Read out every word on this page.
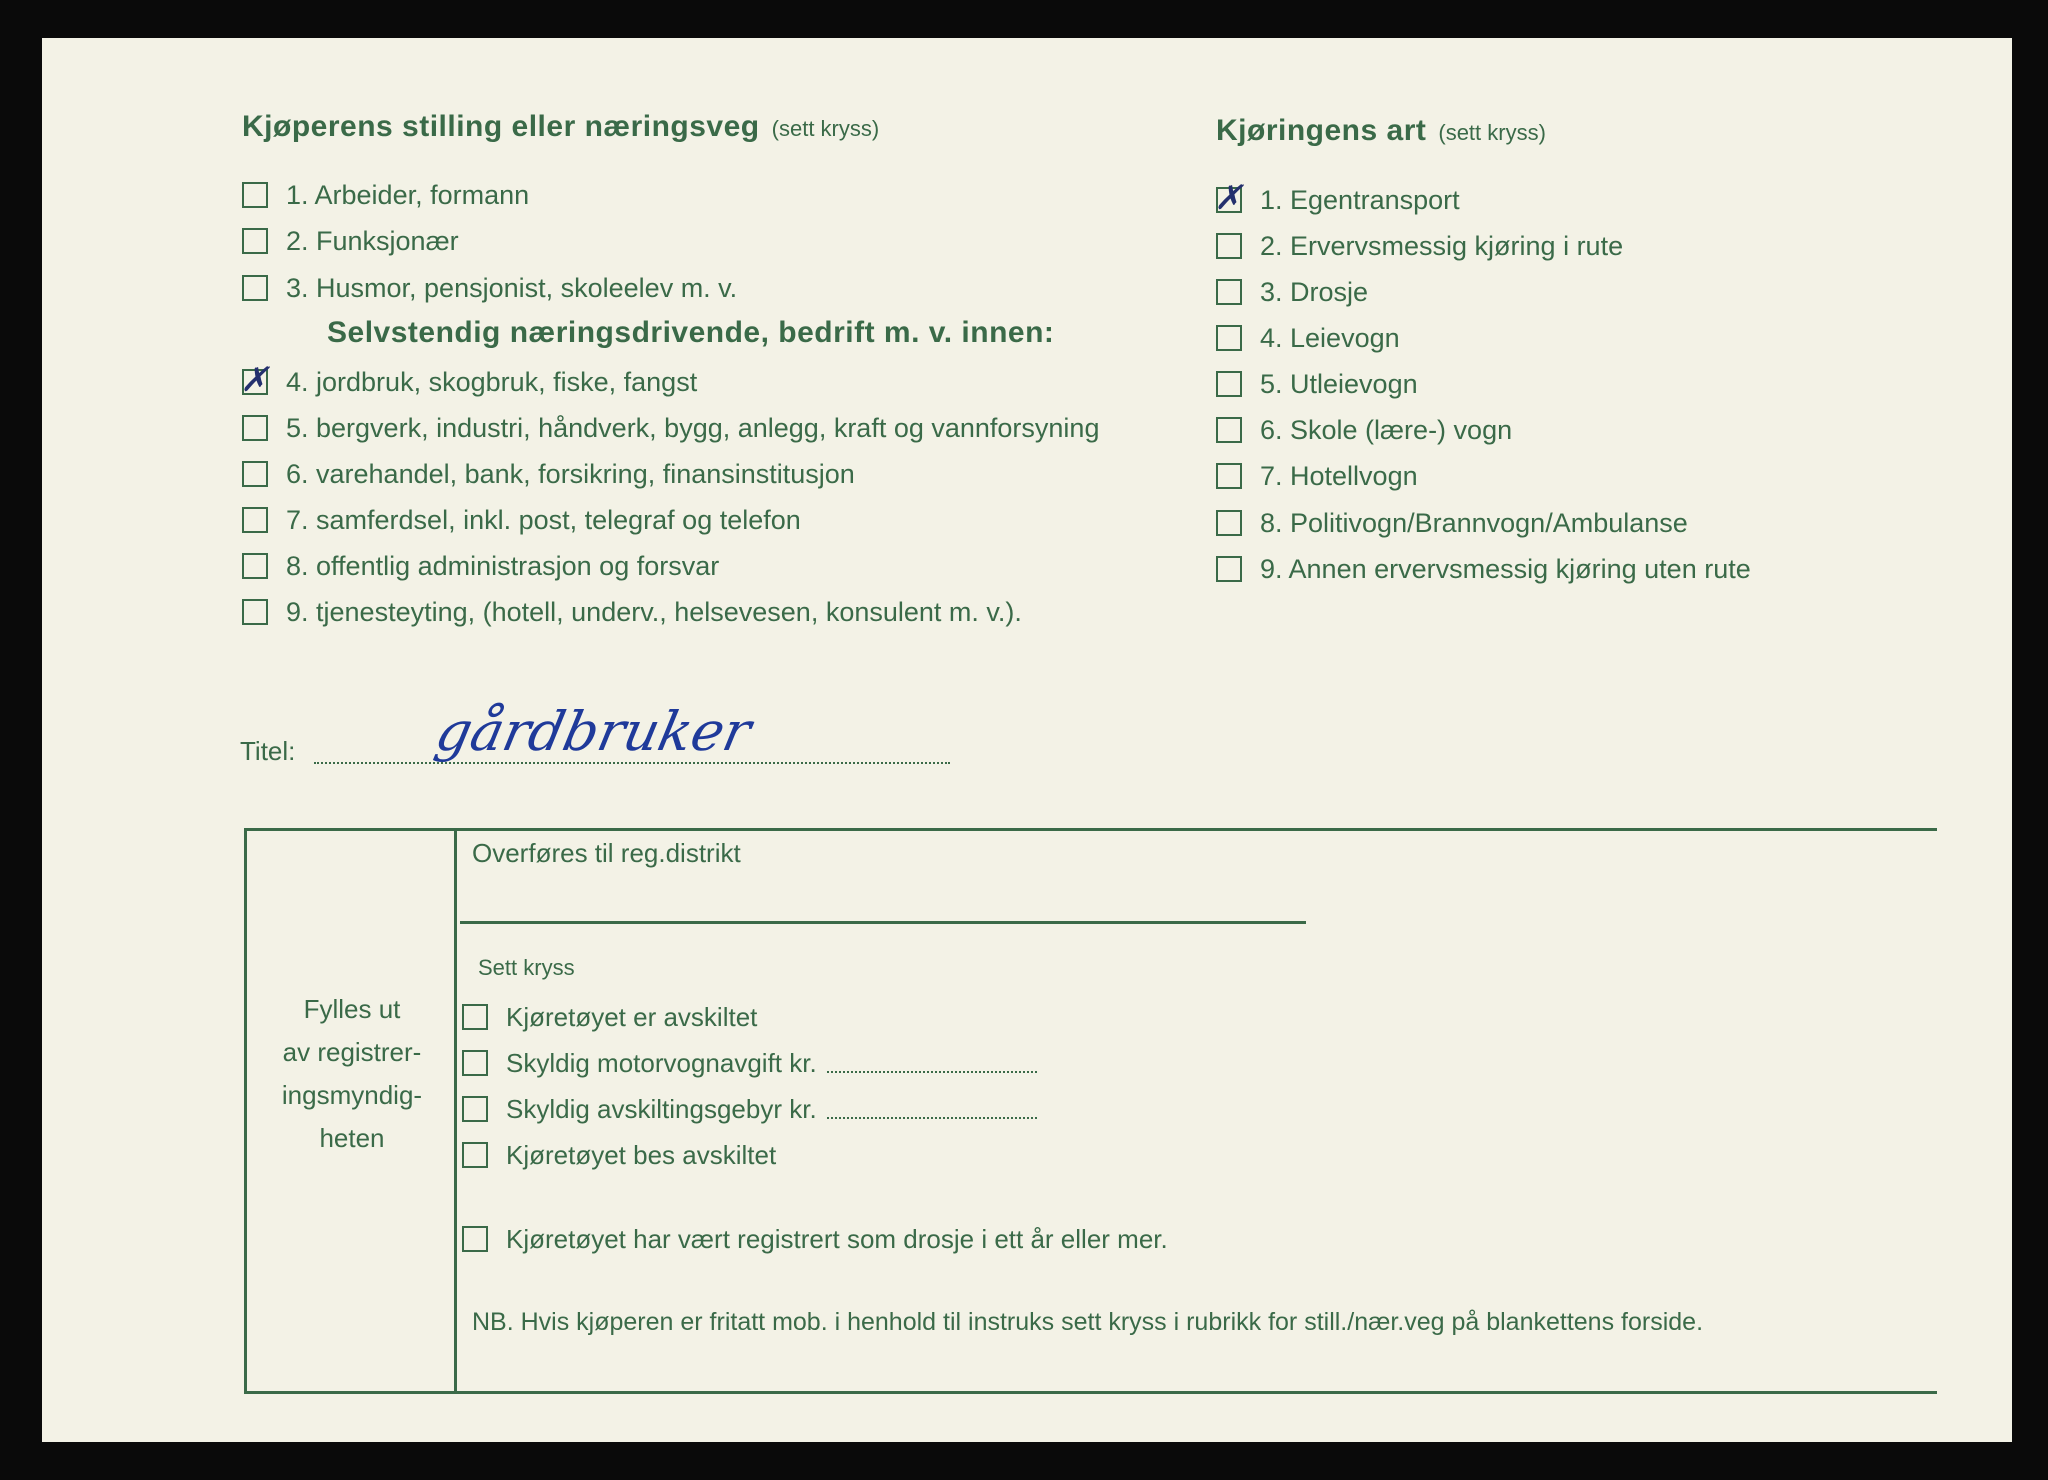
Kjøperens stilling eller næringsveg (sett kryss)
1. Arbeider, formann
2. Funksjonær
3. Husmor, pensjonist, skoleelev m. v.
Selvstendig næringsdrivende, bedrift m. v. innen:
✗ 4. jordbruk, skogbruk, fiske, fangst
5. bergverk, industri, håndverk, bygg, anlegg, kraft og vannforsyning
6. varehandel, bank, forsikring, finansinstitusjon
7. samferdsel, inkl. post, telegraf og telefon
8. offentlig administrasjon og forsvar
9. tjenesteyting, (hotell, underv., helsevesen, konsulent m. v.).
Kjøringens art (sett kryss)
✗ 1. Egentransport
2. Ervervsmessig kjøring i rute
3. Drosje
4. Leievogn
5. Utleievogn
6. Skole (lære-) vogn
7. Hotellvogn
8. Politivogn/Brannvogn/Ambulanse
9. Annen ervervsmessig kjøring uten rute
Titel: gårdbruker
Fylles ut
av registrer-
ingsmyndig-
heten
Overføres til reg.distrikt
Sett kryss
Kjøretøyet er avskiltet
Skyldig motorvognavgift kr.
Skyldig avskiltingsgebyr kr.
Kjøretøyet bes avskiltet
Kjøretøyet har vært registrert som drosje i ett år eller mer.
NB. Hvis kjøperen er fritatt mob. i henhold til instruks sett kryss i rubrikk for still./nær.veg på blankettens forside.
